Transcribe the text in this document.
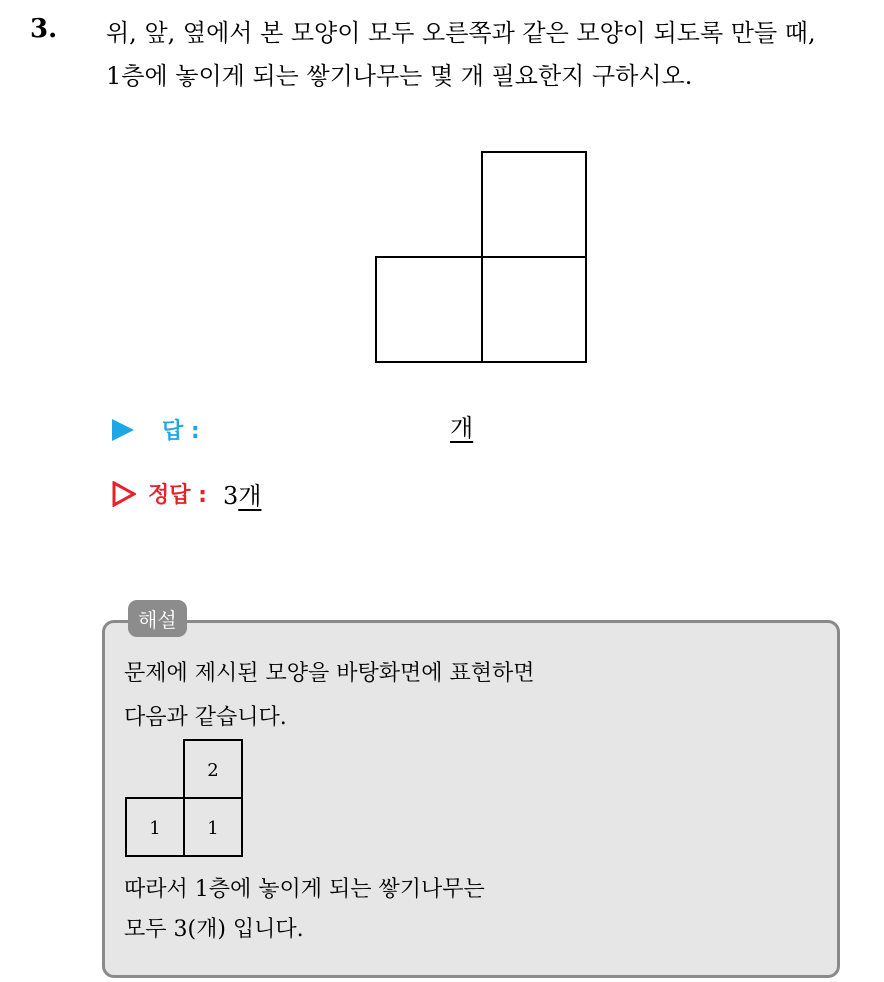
3. 위, 앞, 옆에서 본 모양이 모두 오른쪽과 같은 모양이 되도록 만들 때,
1층에 놓이게 되는 쌓기나무는 몇 개 필요한지 구하시오.

답 :	개
정답 : 3개
해설
문제에 제시된 모양을 바탕화면에 표현하면
다음과 같습니다.
2
1	1
따라서 1층에 놓이게 되는 쌓기나무는
모두 3(개) 입니다.
